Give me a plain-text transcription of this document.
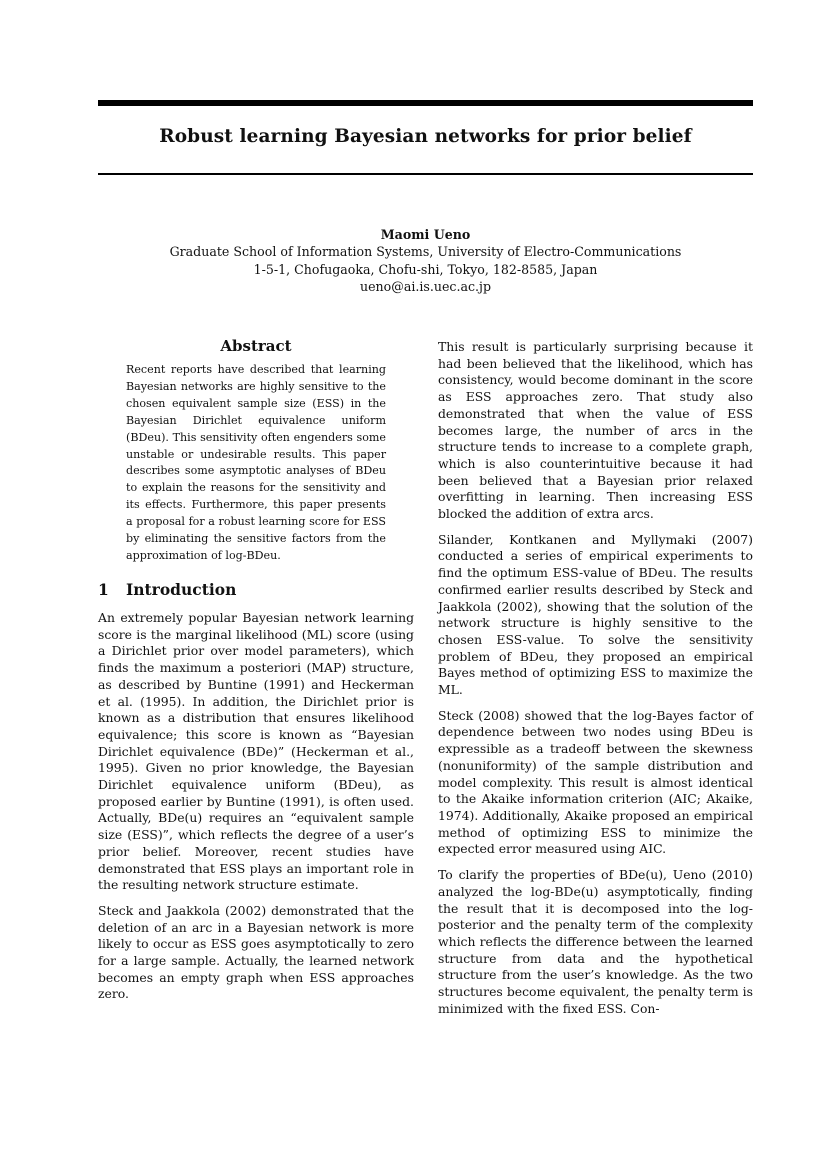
Robust learning Bayesian networks for prior belief
Maomi Ueno
Graduate School of Information Systems, University of Electro-Communications
1-5-1, Chofugaoka, Chofu-shi, Tokyo, 182-8585, Japan
ueno@ai.is.uec.ac.jp
Abstract
Recent reports have described that learning Bayesian networks are highly sensitive to the chosen equivalent sample size (ESS) in the Bayesian Dirichlet equivalence uniform (BDeu). This sensitivity often engenders some unstable or undesirable results. This paper describes some asymptotic analyses of BDeu to explain the reasons for the sensitivity and its effects. Furthermore, this paper presents a proposal for a robust learning score for ESS by eliminating the sensitive factors from the approximation of log-BDeu.
1 Introduction

An extremely popular Bayesian network learning score is the marginal likelihood (ML) score (using a Dirichlet prior over model parameters), which finds the maximum a posteriori (MAP) structure, as described by Buntine (1991) and Heckerman et al. (1995). In addition, the Dirichlet prior is known as a distribution that ensures likelihood equivalence; this score is known as “Bayesian Dirichlet equivalence (BDe)” (Heckerman et al., 1995). Given no prior knowledge, the Bayesian Dirichlet equivalence uniform (BDeu), as proposed earlier by Buntine (1991), is often used. Actually, BDe(u) requires an “equivalent sample size (ESS)”, which reflects the degree of a user’s prior belief. Moreover, recent studies have demonstrated that ESS plays an important role in the resulting network structure estimate.

Steck and Jaakkola (2002) demonstrated that the deletion of an arc in a Bayesian network is more likely to occur as ESS goes asymptotically to zero for a large sample. Actually, the learned network becomes an empty graph when ESS approaches zero.

This result is particularly surprising because it had been believed that the likelihood, which has consistency, would become dominant in the score as ESS approaches zero. That study also demonstrated that when the value of ESS becomes large, the number of arcs in the structure tends to increase to a complete graph, which is also counterintuitive because it had been believed that a Bayesian prior relaxed overfitting in learning. Then increasing ESS blocked the addition of extra arcs.

Silander, Kontkanen and Myllymaki (2007) conducted a series of empirical experiments to find the optimum ESS-value of BDeu. The results confirmed earlier results described by Steck and Jaakkola (2002), showing that the solution of the network structure is highly sensitive to the chosen ESS-value. To solve the sensitivity problem of BDeu, they proposed an empirical Bayes method of optimizing ESS to maximize the ML.

Steck (2008) showed that the log-Bayes factor of dependence between two nodes using BDeu is expressible as a tradeoff between the skewness (nonuniformity) of the sample distribution and model complexity. This result is almost identical to the Akaike information criterion (AIC; Akaike, 1974). Additionally, Akaike proposed an empirical method of optimizing ESS to minimize the expected error measured using AIC.

To clarify the properties of BDe(u), Ueno (2010) analyzed the log-BDe(u) asymptotically, finding the result that it is decomposed into the log-posterior and the penalty term of the complexity which reflects the difference between the learned structure from data and the hypothetical structure from the user’s knowledge. As the two structures become equivalent, the penalty term is minimized with the fixed ESS. Con-
